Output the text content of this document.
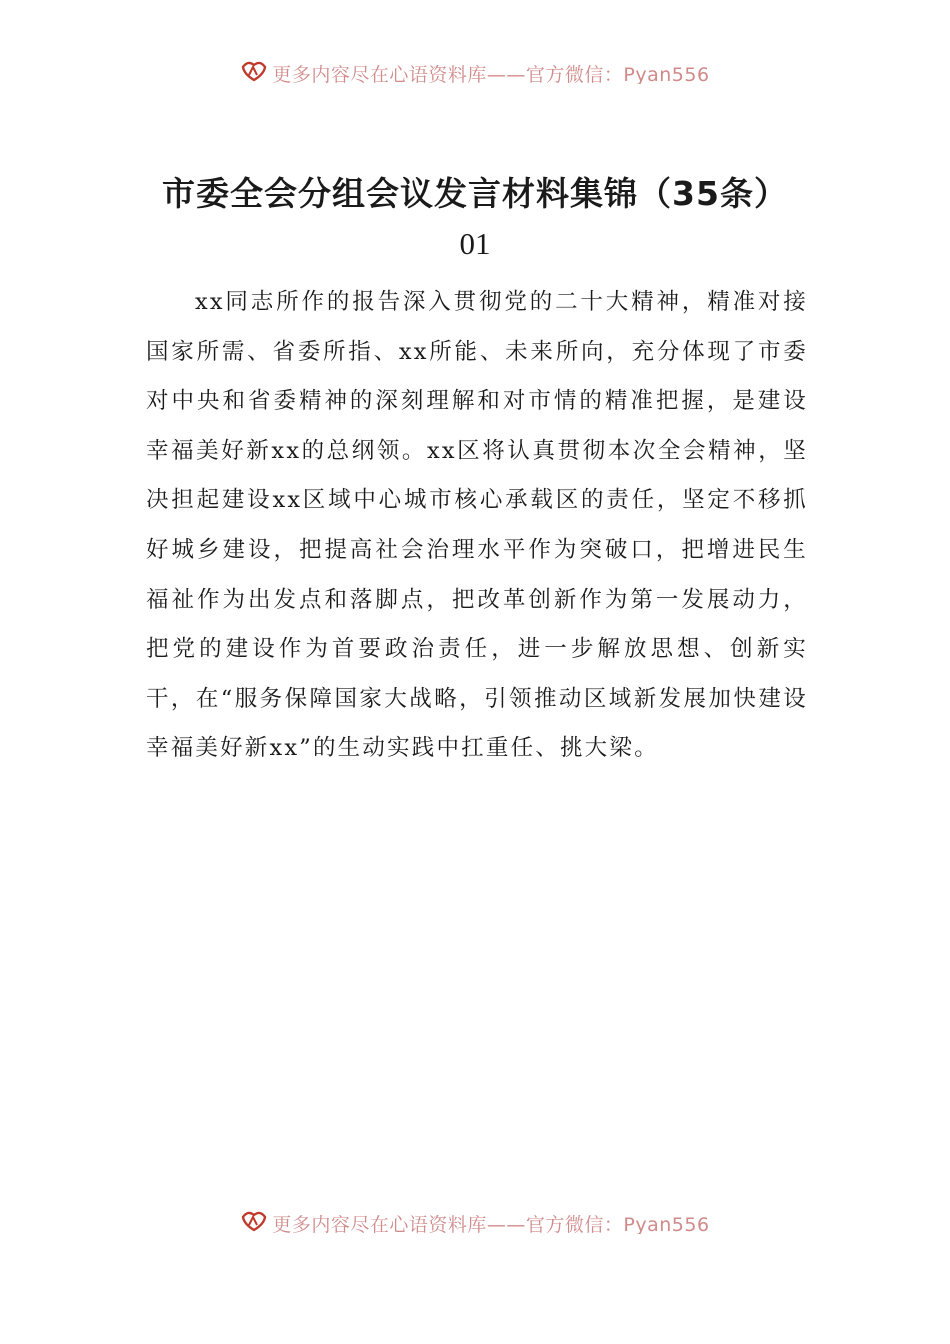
更多内容尽在心语资料库——官方微信：Pyan556
市委全会分组会议发言材料集锦（35条）
01

xx同志所作的报告深入贯彻党的二十大精神，精准对接国家所需、省委所指、xx所能、未来所向，充分体现了市委对中央和省委精神的深刻理解和对市情的精准把握，是建设幸福美好新xx的总纲领。xx区将认真贯彻本次全会精神，坚决担起建设xx区域中心城市核心承载区的责任，坚定不移抓好城乡建设，把提高社会治理水平作为突破口，把增进民生福祉作为出发点和落脚点，把改革创新作为第一发展动力，把党的建设作为首要政治责任，进一步解放思想、创新实干，在“服务保障国家大战略，引领推动区域新发展加快建设幸福美好新xx”的生动实践中扛重任、挑大梁。

更多内容尽在心语资料库——官方微信：Pyan556
